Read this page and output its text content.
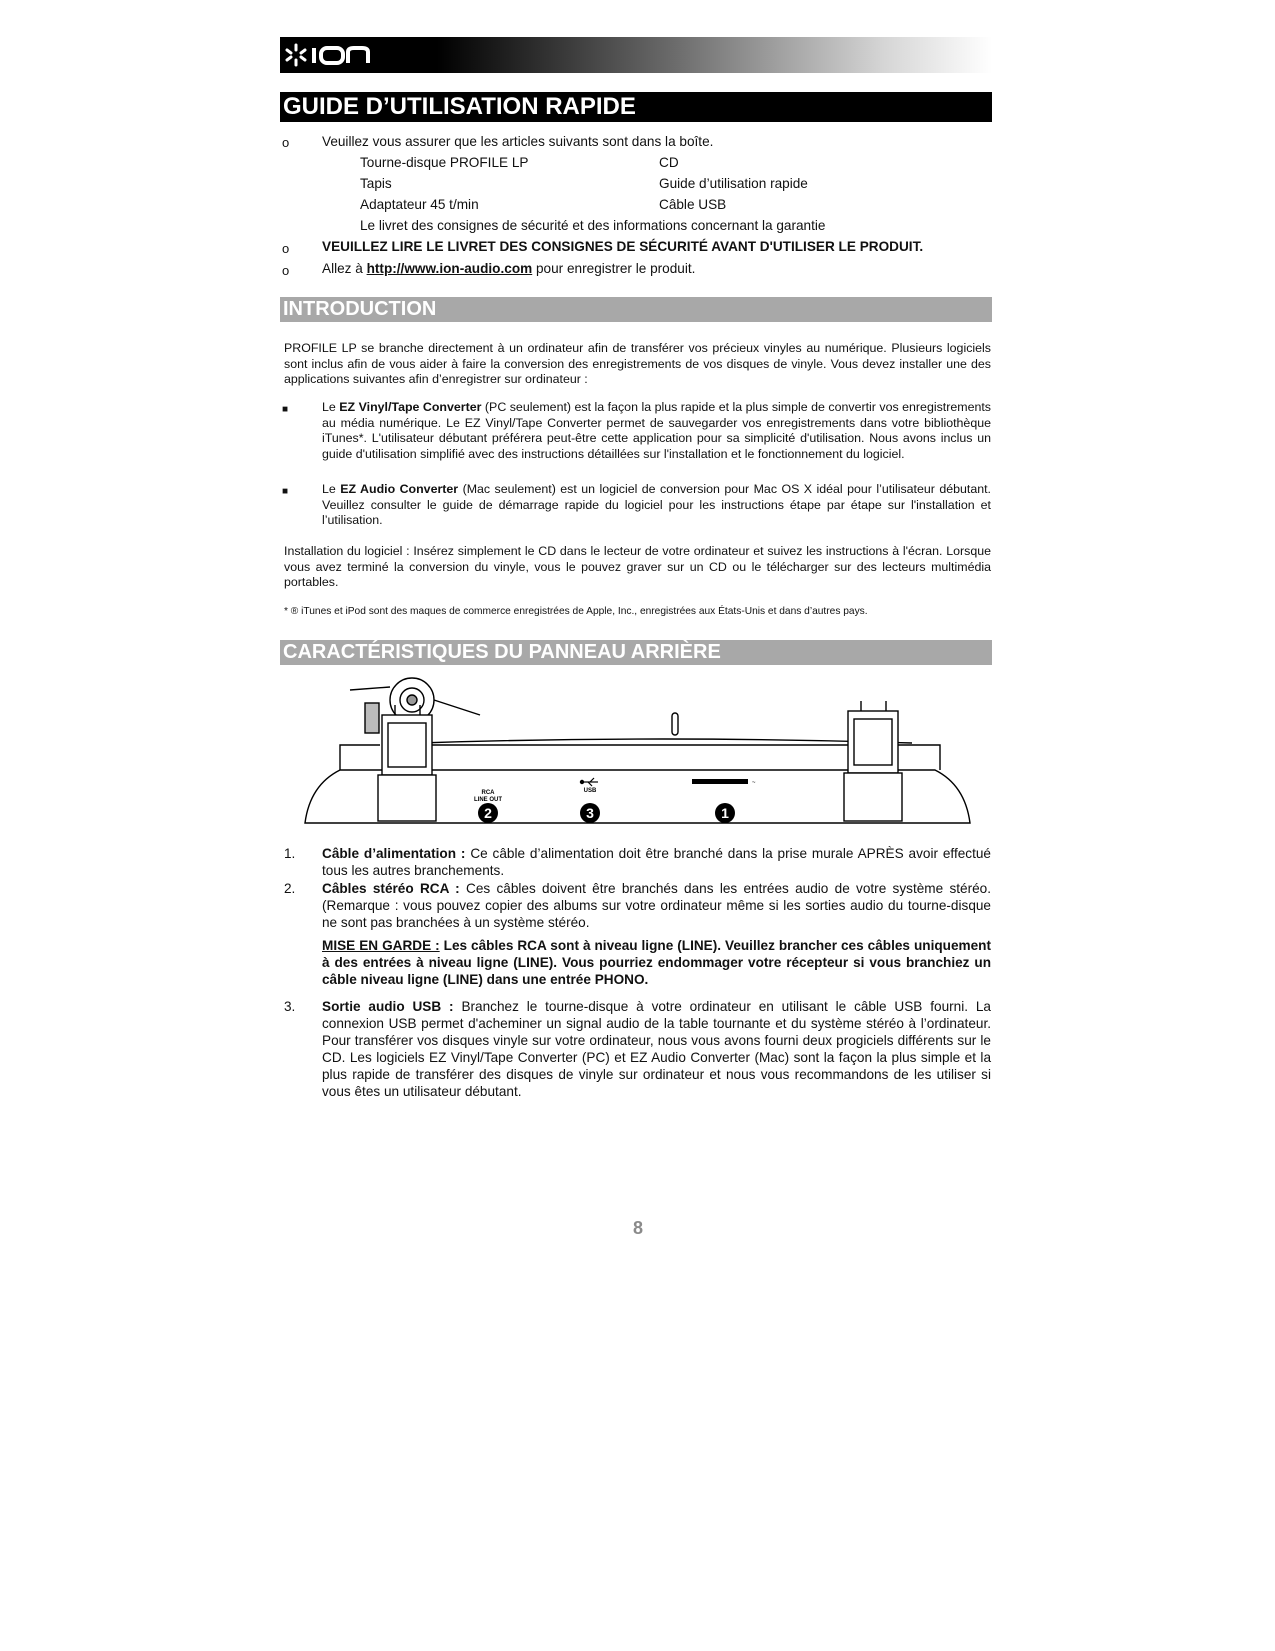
ION
GUIDE D’UTILISATION RAPIDE
o Veuillez vous assurer que les articles suivants sont dans la boîte.
Tourne-disque PROFILE LP	CD
Tapis	Guide d’utilisation rapide
Adaptateur 45 t/min	Câble USB
Le livret des consignes de sécurité et des informations concernant la garantie
o VEUILLEZ LIRE LE LIVRET DES CONSIGNES DE SÉCURITÉ AVANT D'UTILISER LE PRODUIT.
o Allez à http://www.ion-audio.com pour enregistrer le produit.
INTRODUCTION
PROFILE LP se branche directement à un ordinateur afin de transférer vos précieux vinyles au numérique. Plusieurs logiciels sont inclus afin de vous aider à faire la conversion des enregistrements de vos disques de vinyle. Vous devez installer une des applications suivantes afin d’enregistrer sur ordinateur :
■	Le EZ Vinyl/Tape Converter (PC seulement) est la façon la plus rapide et la plus simple de convertir vos enregistrements au média numérique. Le EZ Vinyl/Tape Converter permet de sauvegarder vos enregistrements dans votre bibliothèque iTunes*. L'utilisateur débutant préférera peut-être cette application pour sa simplicité d'utilisation. Nous avons inclus un guide d'utilisation simplifié avec des instructions détaillées sur l'installation et le fonctionnement du logiciel.
■	Le EZ Audio Converter (Mac seulement) est un logiciel de conversion pour Mac OS X idéal pour l’utilisateur débutant. Veuillez consulter le guide de démarrage rapide du logiciel pour les instructions étape par étape sur l'installation et l’utilisation.
Installation du logiciel : Insérez simplement le CD dans le lecteur de votre ordinateur et suivez les instructions à l'écran. Lorsque vous avez terminé la conversion du vinyle, vous le pouvez graver sur un CD ou le télécharger sur des lecteurs multimédia portables.
* ® iTunes et iPod sont des maques de commerce enregistrées de Apple, Inc., enregistrées aux États-Unis et dans d’autres pays.
CARACTÉRISTIQUES DU PANNEAU ARRIÈRE
RCA
LINE OUT
USB
~
2	3	1
1. Câble d’alimentation : Ce câble d’alimentation doit être branché dans la prise murale APRÈS avoir effectué tous les autres branchements.
2. Câbles stéréo RCA : Ces câbles doivent être branchés dans les entrées audio de votre système stéréo. (Remarque : vous pouvez copier des albums sur votre ordinateur même si les sorties audio du tourne-disque ne sont pas branchées à un système stéréo.
MISE EN GARDE : Les câbles RCA sont à niveau ligne (LINE). Veuillez brancher ces câbles uniquement à des entrées à niveau ligne (LINE). Vous pourriez endommager votre récepteur si vous branchiez un câble niveau ligne (LINE) dans une entrée PHONO.
3. Sortie audio USB : Branchez le tourne-disque à votre ordinateur en utilisant le câble USB fourni. La connexion USB permet d'acheminer un signal audio de la table tournante et du système stéréo à l’ordinateur. Pour transférer vos disques vinyle sur votre ordinateur, nous vous avons fourni deux progiciels différents sur le CD. Les logiciels EZ Vinyl/Tape Converter (PC) et EZ Audio Converter (Mac) sont la façon la plus simple et la plus rapide de transférer des disques de vinyle sur ordinateur et nous vous recommandons de les utiliser si vous êtes un utilisateur débutant.
8
